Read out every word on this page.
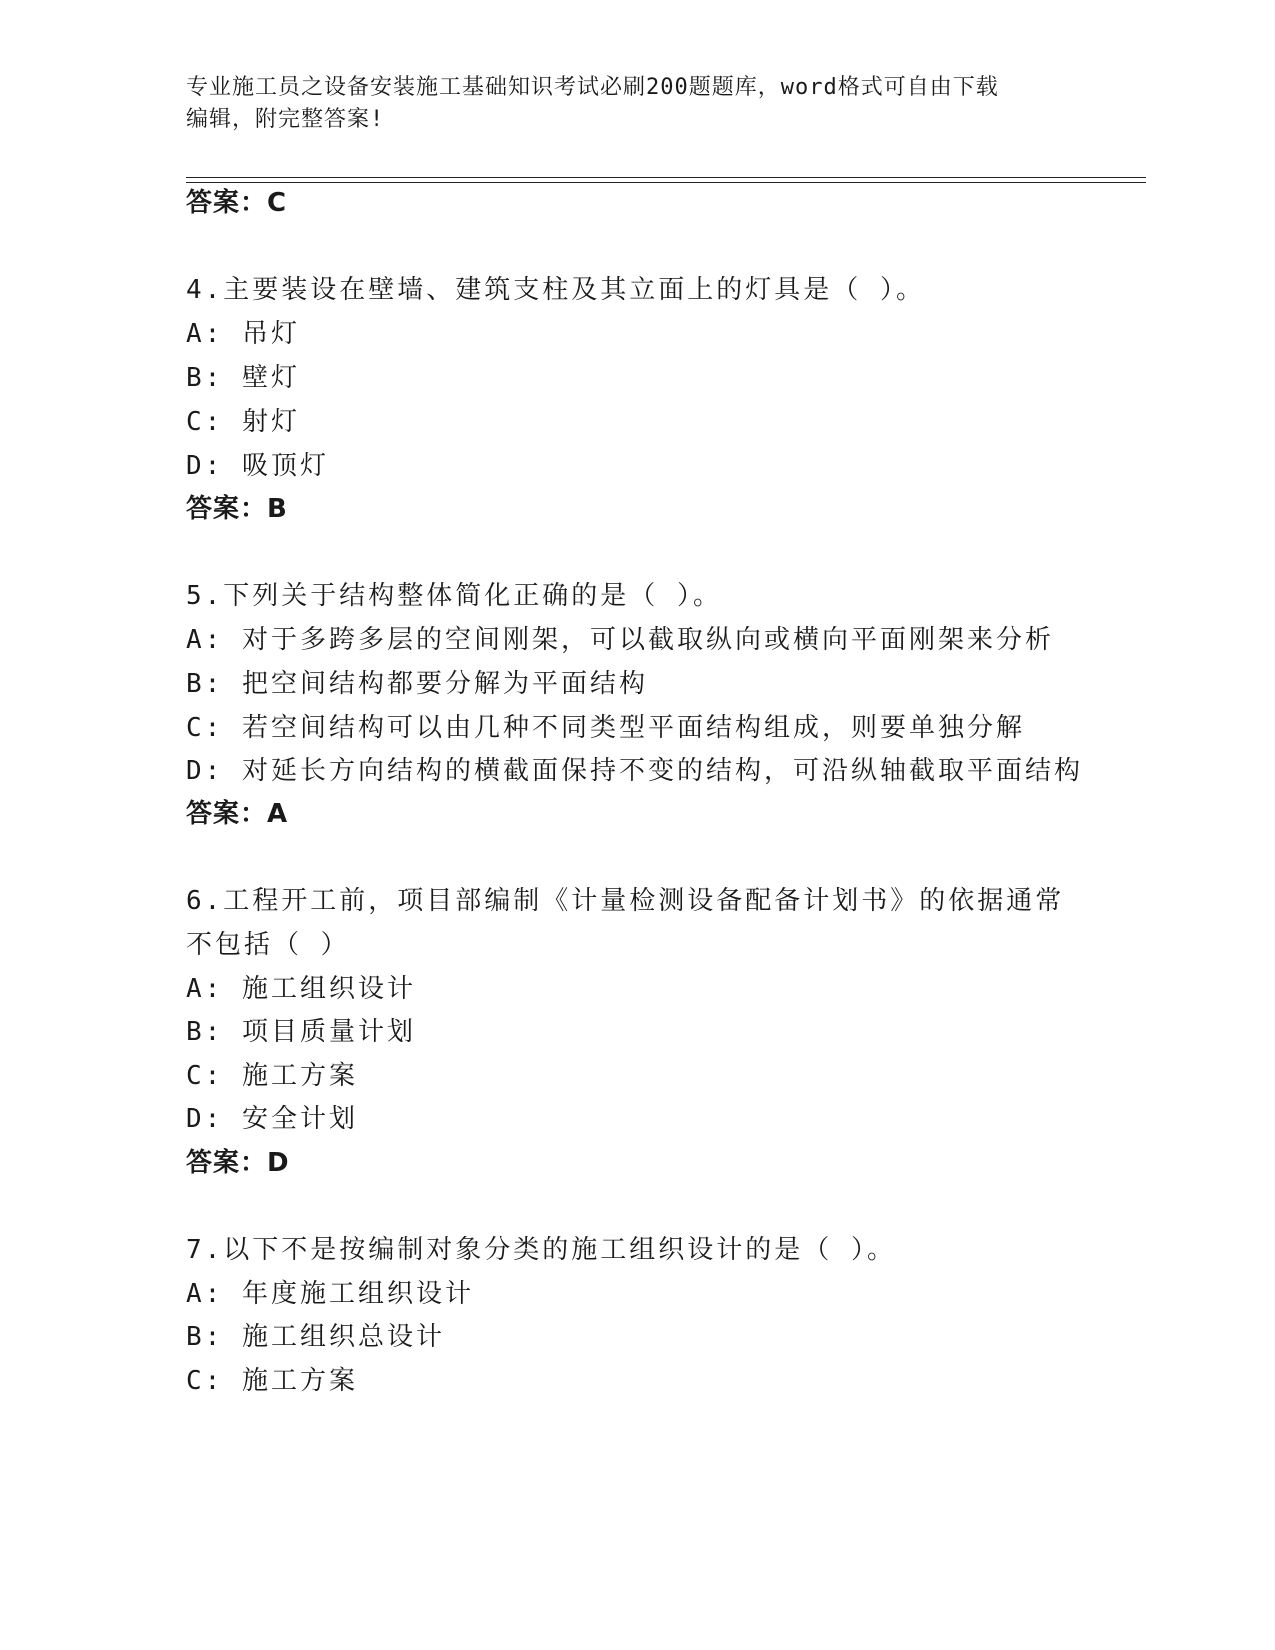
专业施工员之设备安装施工基础知识考试必刷200题题库，word格式可自由下载
编辑，附完整答案!
答案：C
4.主要装设在壁墙、建筑支柱及其立面上的灯具是（ ）。
A: 吊灯
B: 壁灯
C: 射灯
D: 吸顶灯
答案：B
5.下列关于结构整体简化正确的是（ ）。
A: 对于多跨多层的空间刚架，可以截取纵向或横向平面刚架来分析
B: 把空间结构都要分解为平面结构
C: 若空间结构可以由几种不同类型平面结构组成，则要单独分解
D: 对延长方向结构的横截面保持不变的结构，可沿纵轴截取平面结构
答案：A
6.工程开工前，项目部编制《计量检测设备配备计划书》的依据通常
不包括（ ）
A: 施工组织设计
B: 项目质量计划
C: 施工方案
D: 安全计划
答案：D
7.以下不是按编制对象分类的施工组织设计的是（ ）。
A: 年度施工组织设计
B: 施工组织总设计
C: 施工方案
